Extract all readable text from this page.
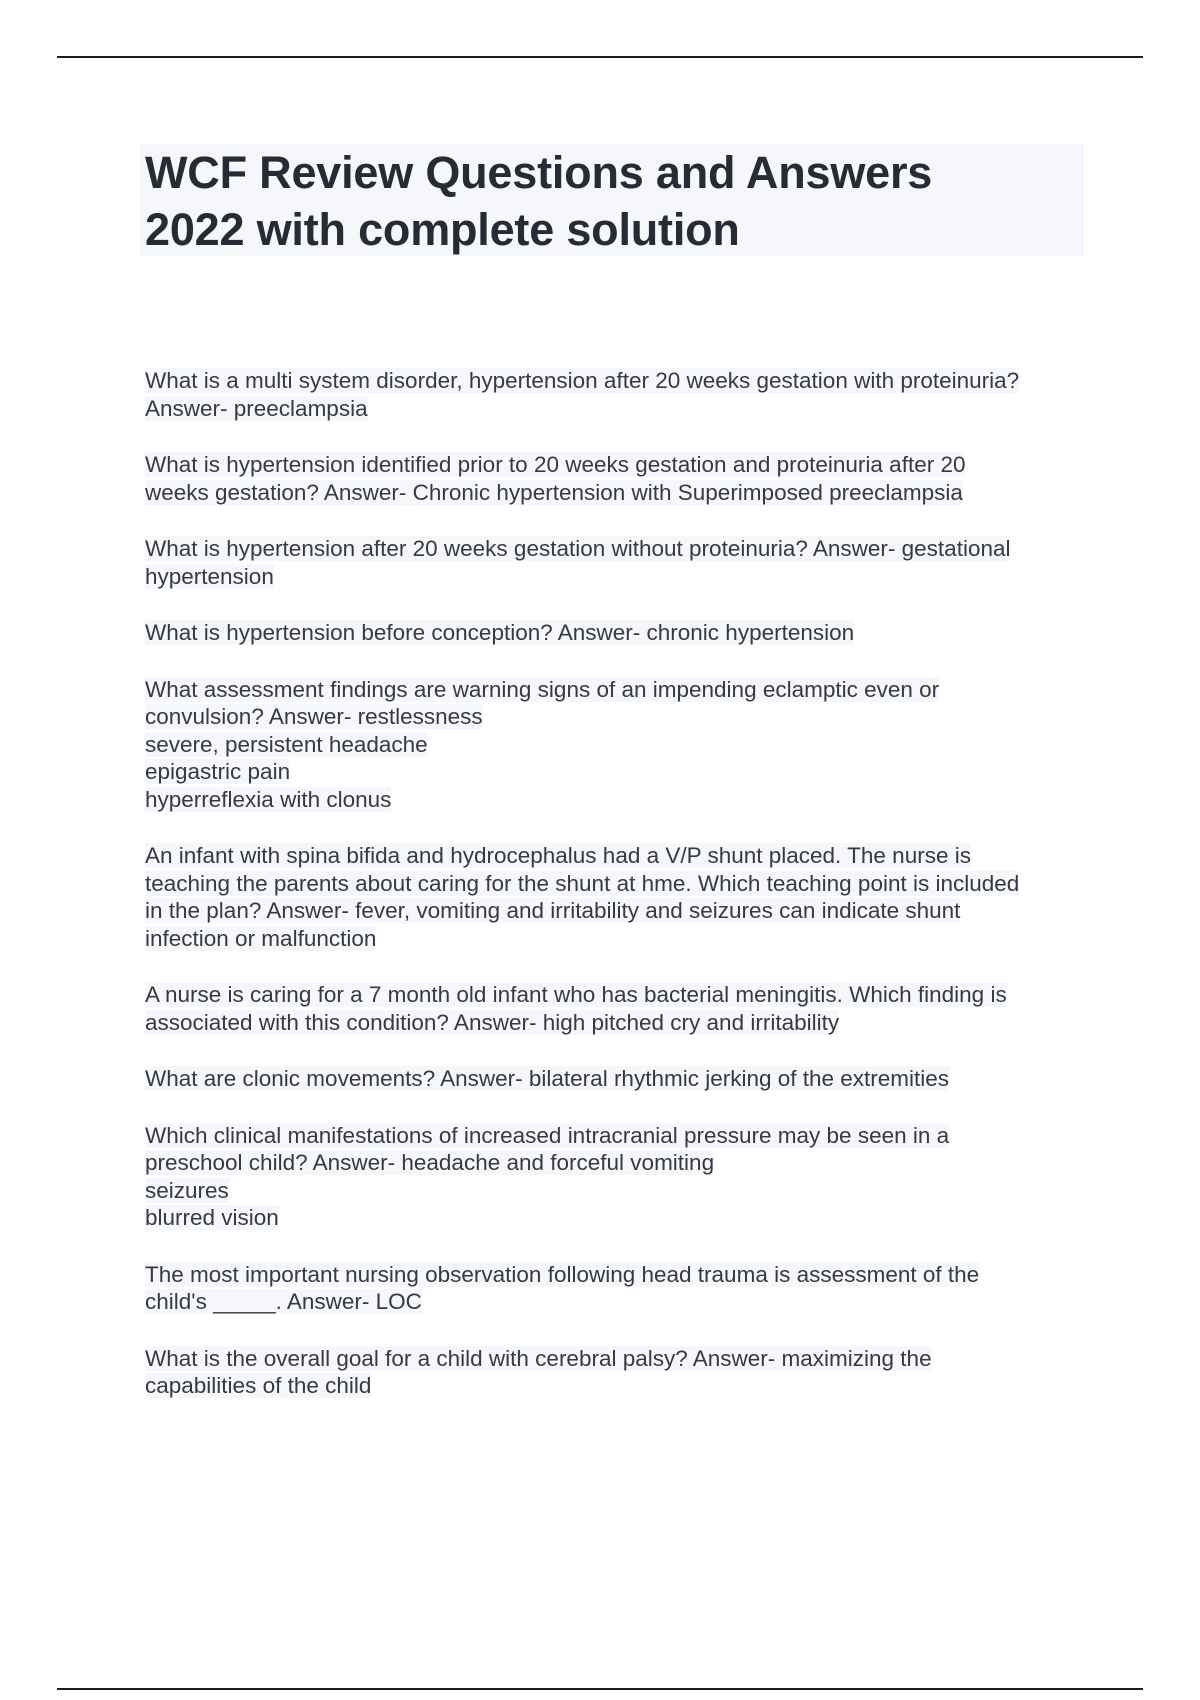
WCF Review Questions and Answers
2022 with complete solution
What is a multi system disorder, hypertension after 20 weeks gestation with proteinuria?
Answer- preeclampsia
What is hypertension identified prior to 20 weeks gestation and proteinuria after 20
weeks gestation? Answer- Chronic hypertension with Superimposed preeclampsia
What is hypertension after 20 weeks gestation without proteinuria? Answer- gestational
hypertension
What is hypertension before conception? Answer- chronic hypertension
What assessment findings are warning signs of an impending eclamptic even or
convulsion? Answer- restlessness
severe, persistent headache
epigastric pain
hyperreflexia with clonus
An infant with spina bifida and hydrocephalus had a V/P shunt placed. The nurse is
teaching the parents about caring for the shunt at hme. Which teaching point is included
in the plan? Answer- fever, vomiting and irritability and seizures can indicate shunt
infection or malfunction
A nurse is caring for a 7 month old infant who has bacterial meningitis. Which finding is
associated with this condition? Answer- high pitched cry and irritability
What are clonic movements? Answer- bilateral rhythmic jerking of the extremities
Which clinical manifestations of increased intracranial pressure may be seen in a
preschool child? Answer- headache and forceful vomiting
seizures
blurred vision
The most important nursing observation following head trauma is assessment of the
child's _____. Answer- LOC
What is the overall goal for a child with cerebral palsy? Answer- maximizing the
capabilities of the child
